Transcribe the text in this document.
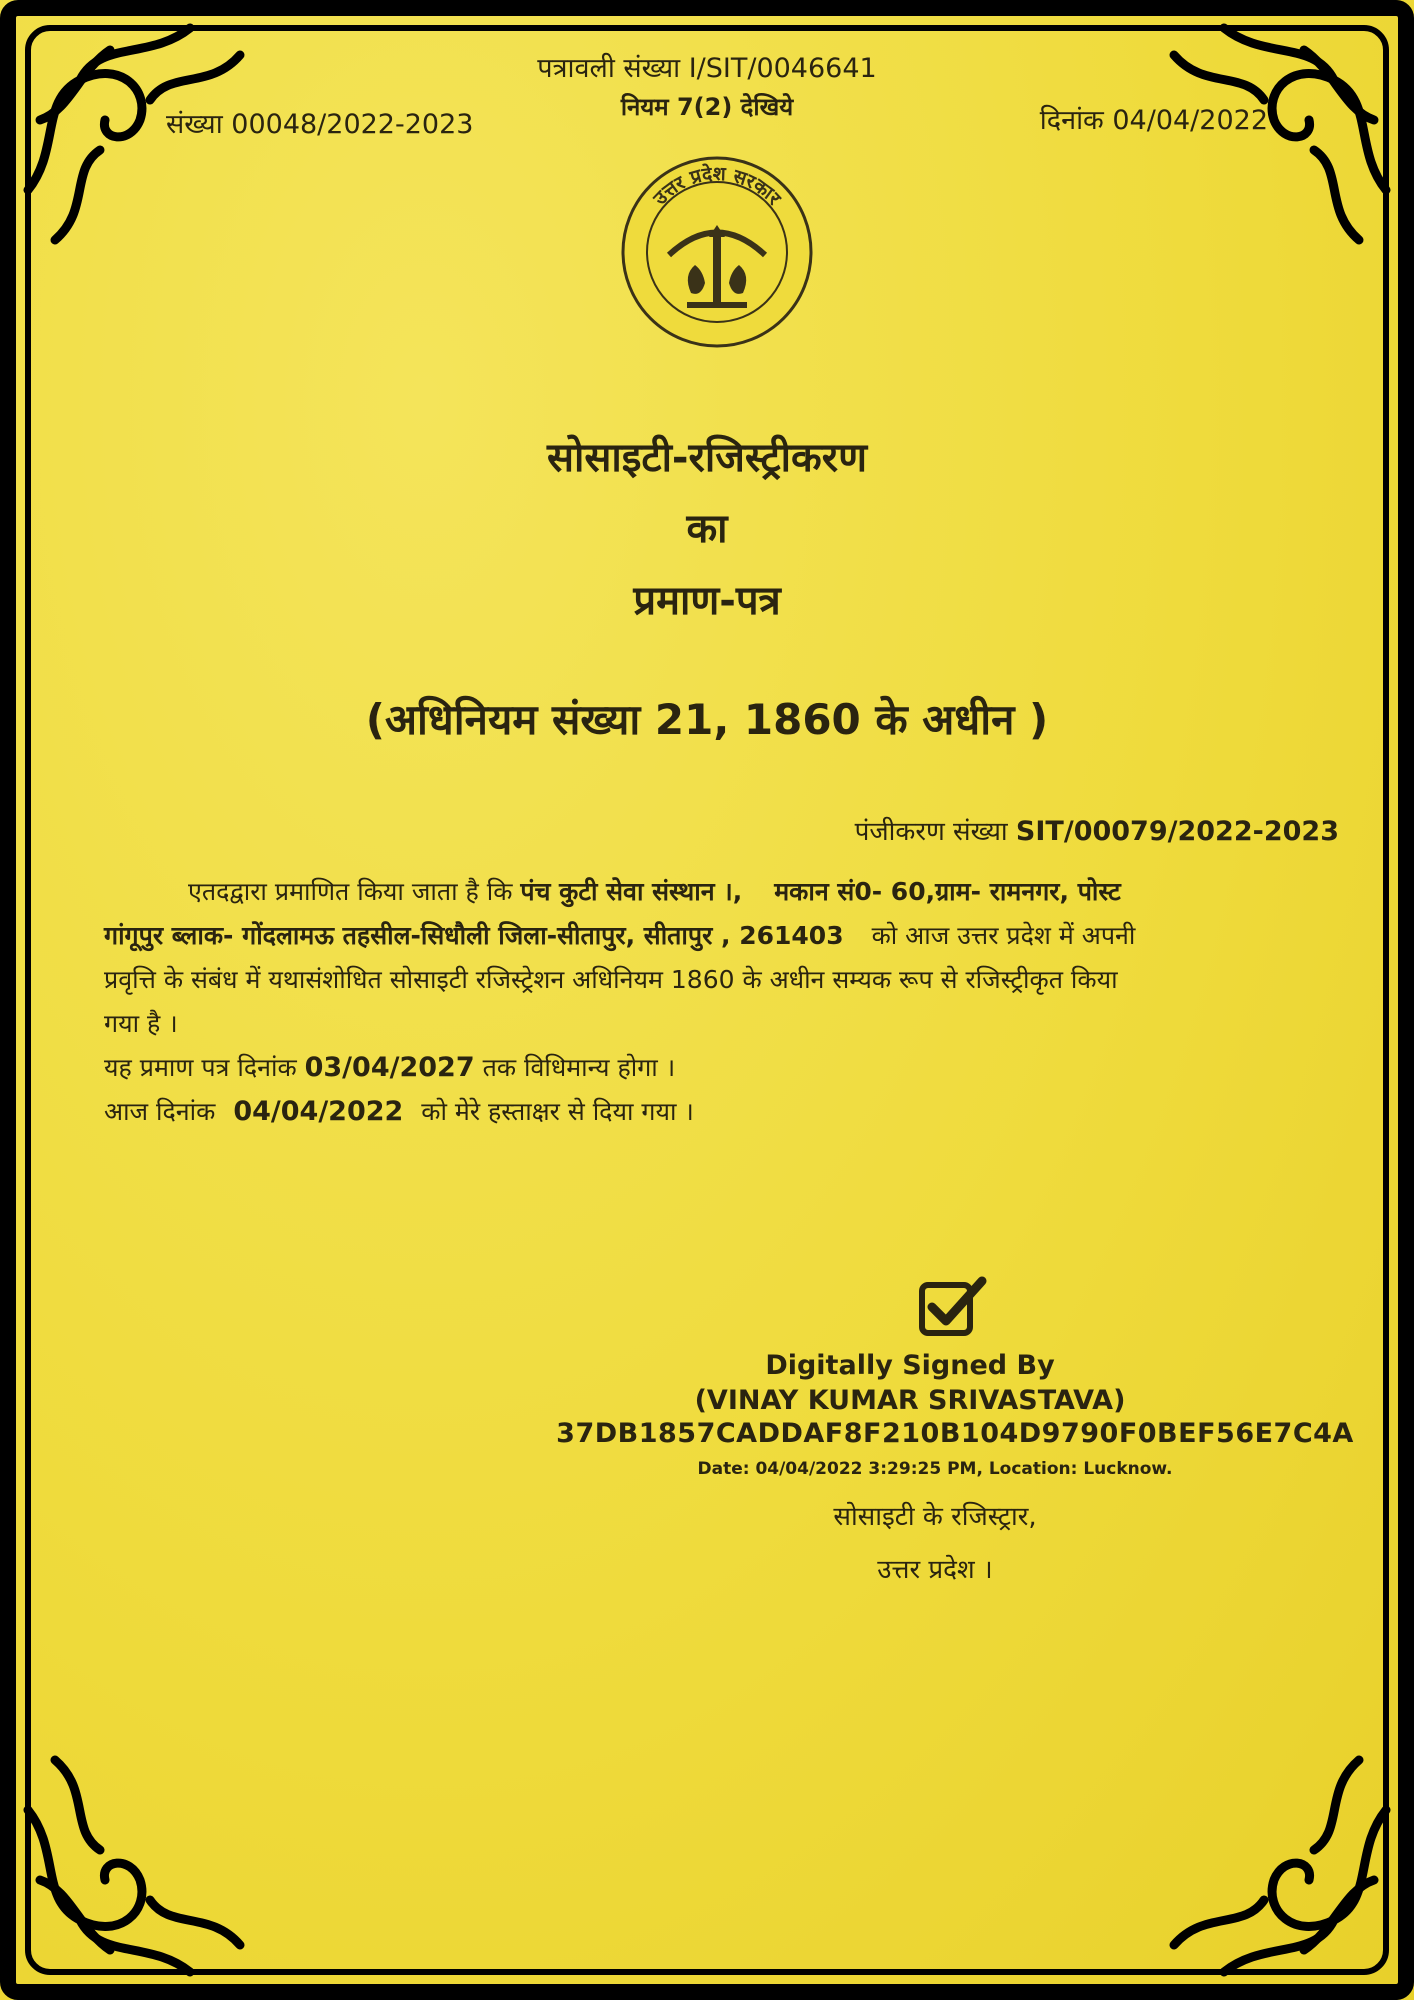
पत्रावली संख्या I/SIT/0046641
नियम 7(2) देखिये
संख्या 00048/2022-2023	दिनांक 04/04/2022
उत्तर प्रदेश सरकार
सोसाइटी-रजिस्ट्रीकरण
का
प्रमाण-पत्र
(अधिनियम संख्या 21, 1860 के अधीन )
पंजीकरण संख्या SIT/00079/2022-2023
एतदद्वारा प्रमाणित किया जाता है कि पंच कुटी सेवा संस्थान ।, मकान सं0- 60,ग्राम- रामनगर, पोस्ट
गांगूपुर ब्लाक- गोंदलामऊ तहसील-सिधौली जिला-सीतापुर, सीतापुर , 261403 को आज उत्तर प्रदेश में अपनी
प्रवृत्ति के संबंध में यथासंशोधित सोसाइटी रजिस्ट्रेशन अधिनियम 1860 के अधीन सम्यक रूप से रजिस्ट्रीकृत किया
गया है ।
यह प्रमाण पत्र दिनांक 03/04/2027 तक विधिमान्य होगा ।
आज दिनांक 04/04/2022 को मेरे हस्ताक्षर से दिया गया ।
Digitally Signed By
(VINAY KUMAR SRIVASTAVA)
37DB1857CADDAF8F210B104D9790F0BEF56E7C4A
Date: 04/04/2022 3:29:25 PM, Location: Lucknow.
सोसाइटी के रजिस्ट्रार,
उत्तर प्रदेश ।
